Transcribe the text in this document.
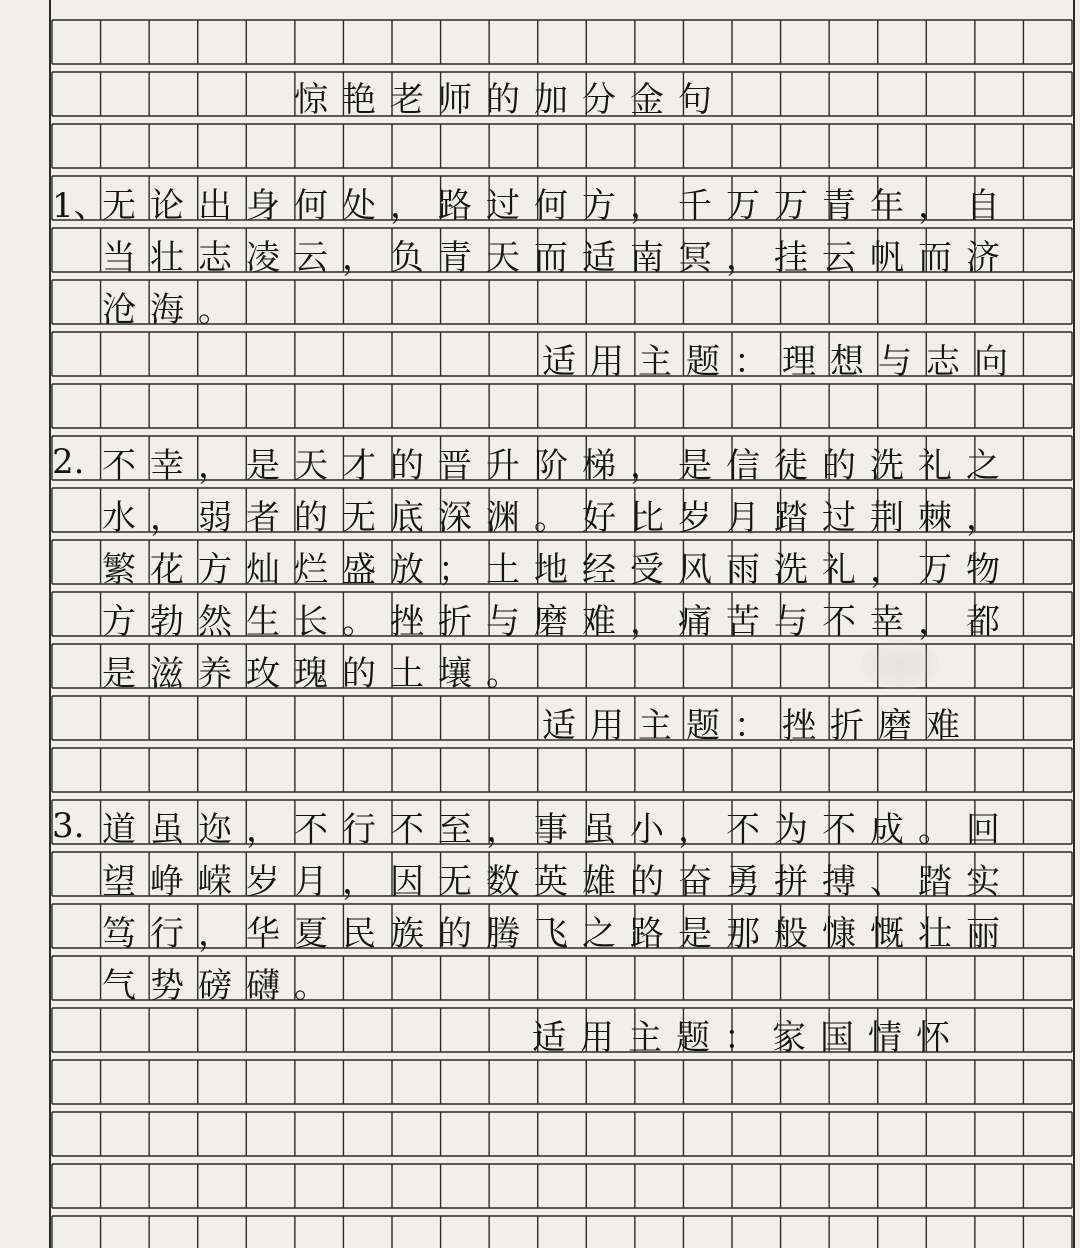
惊艳老师的加分金句
1、
无论出身何处，路过何方，千万万青年，自
当壮志凌云，负青天而适南冥，挂云帆而济
沧海。
适用主题：理想与志向
2. 不幸，是天才的晋升阶梯，是信徒的洗礼之
水，弱者的无底深渊。好比岁月踏过荆棘，
繁花方灿烂盛放；土地经受风雨洗礼，万物
方勃然生长。挫折与磨难，痛苦与不幸，都
是滋养玫瑰的土壤。
适用主题：挫折磨难
3. 道虽迩，不行不至，事虽小，不为不成。回
望峥嵘岁月，因无数英雄的奋勇拼搏、踏实
笃行，华夏民族的腾飞之路是那般慷慨壮丽
气势磅礴。
适用主题：家国情怀
